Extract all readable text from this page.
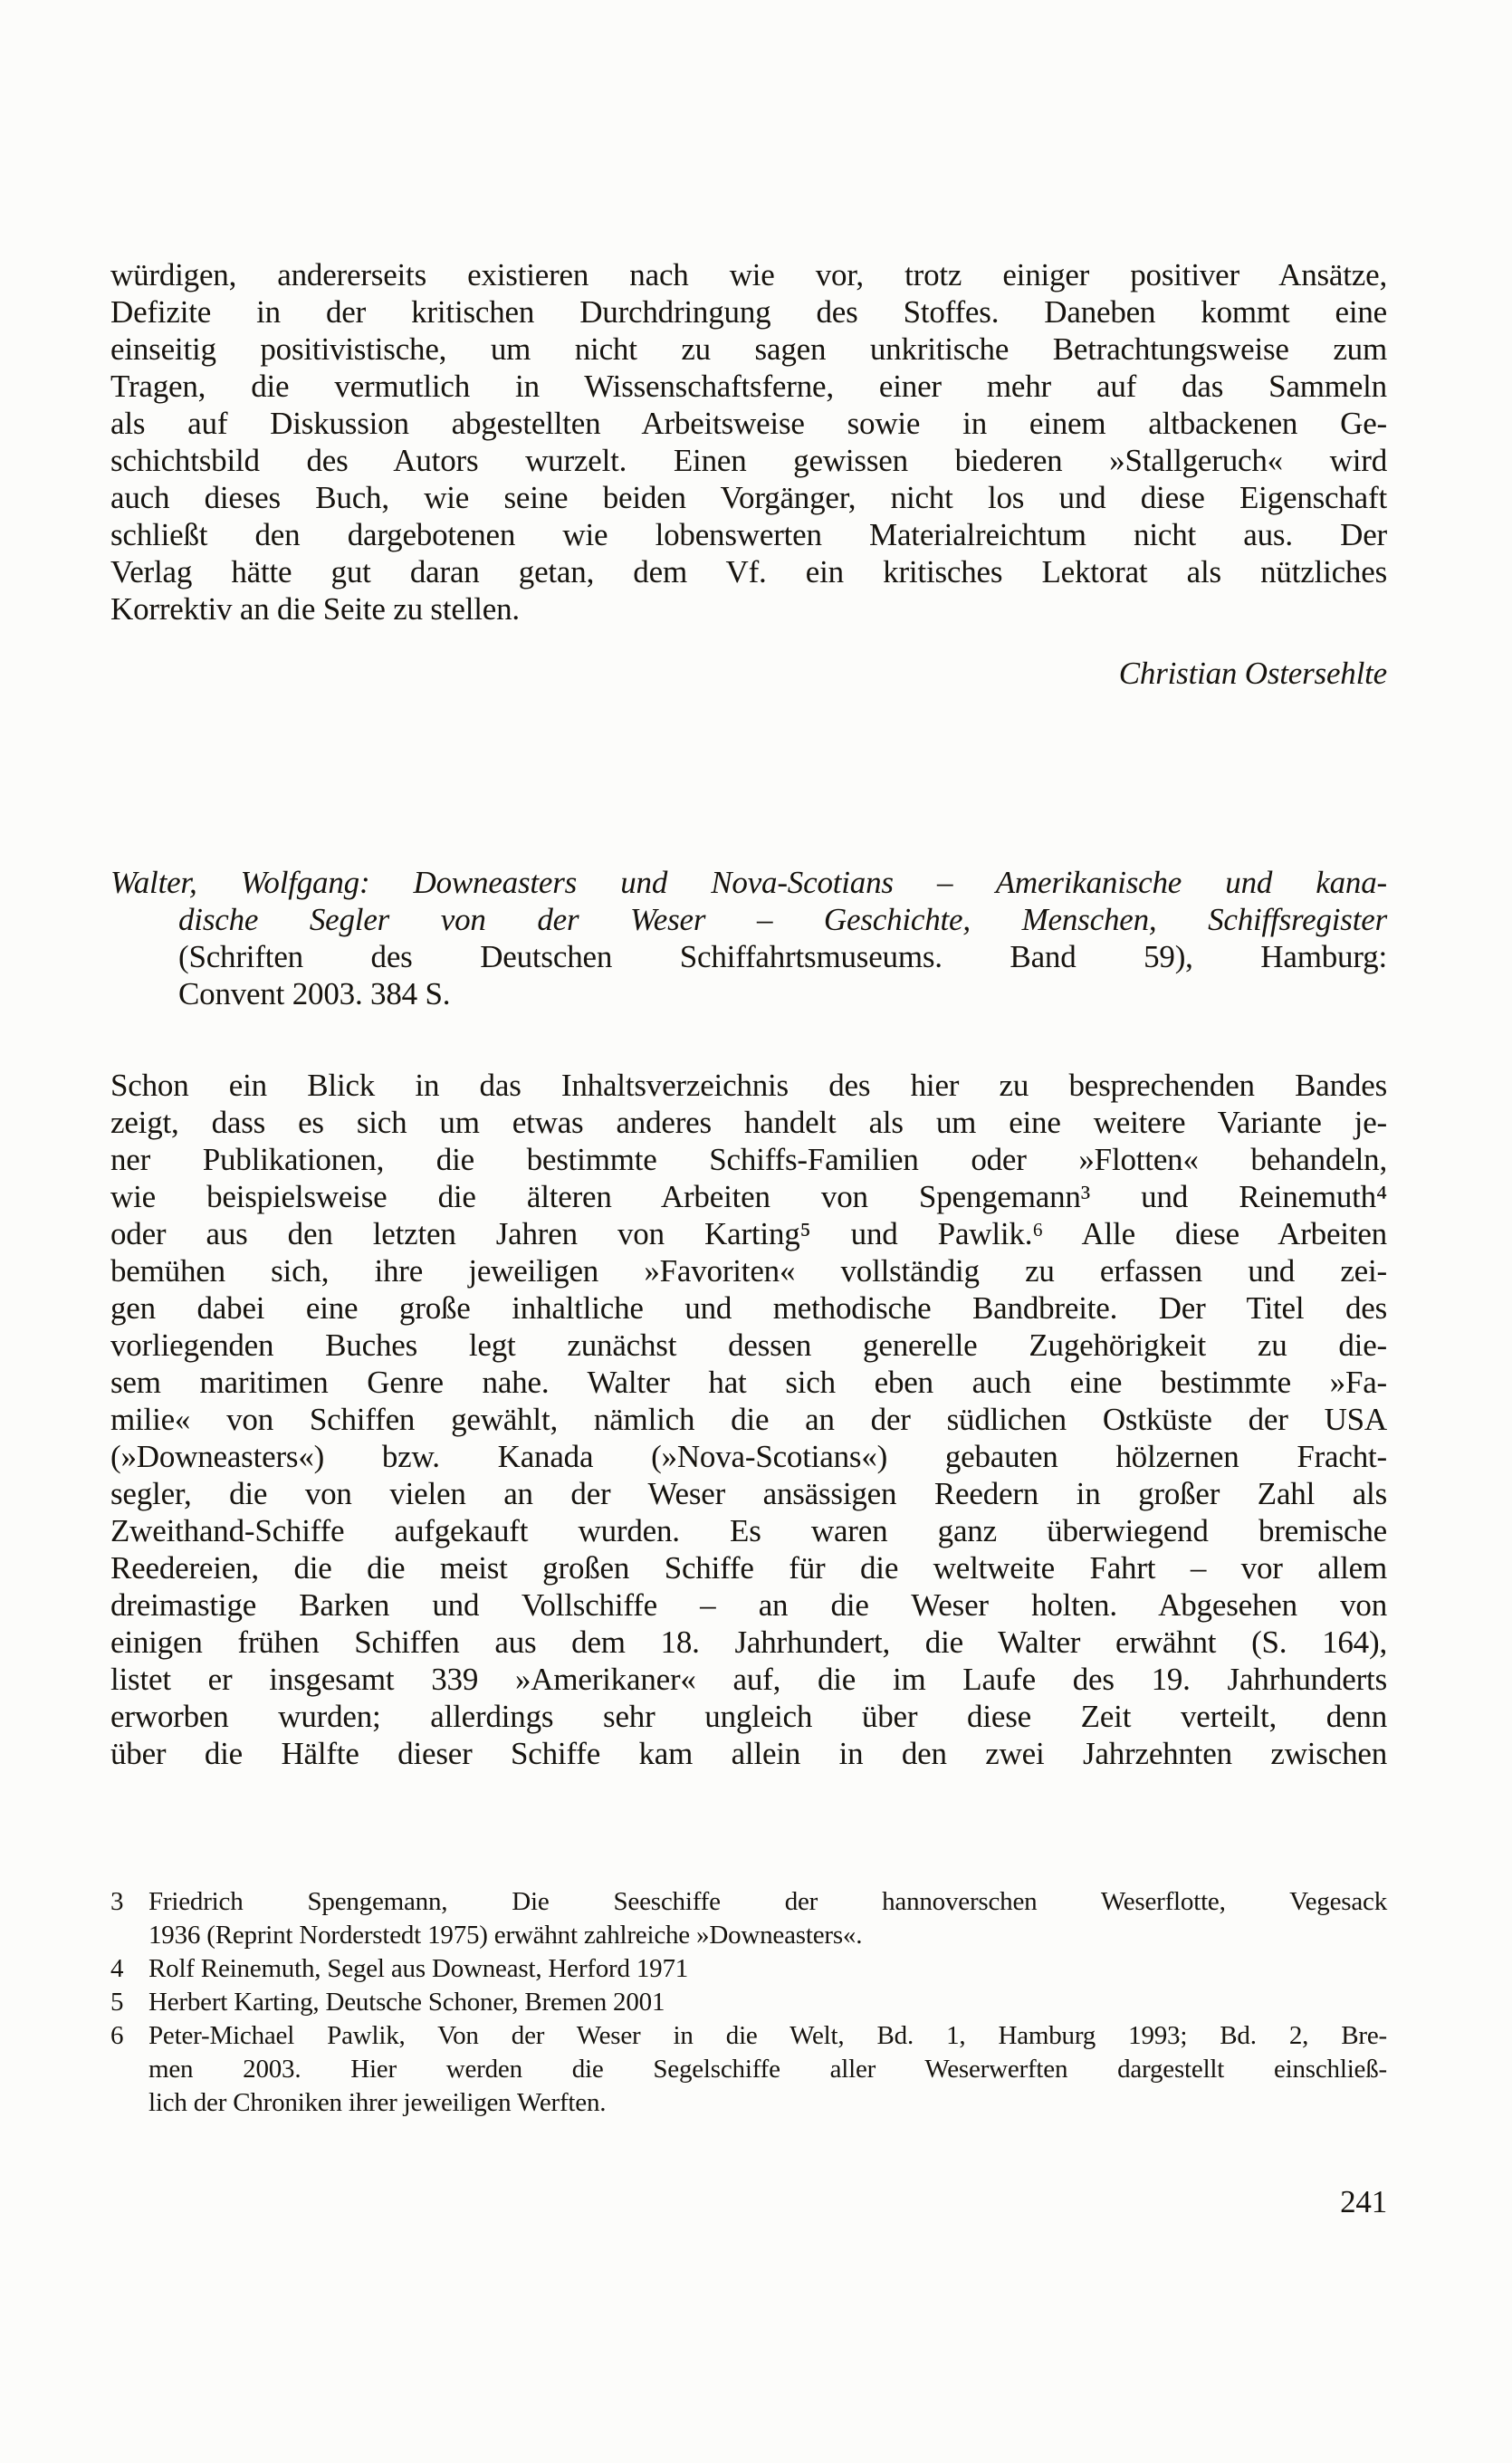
würdigen, andererseits existieren nach wie vor, trotz einiger positiver Ansätze,
Defizite in der kritischen Durchdringung des Stoffes. Daneben kommt eine
einseitig positivistische, um nicht zu sagen unkritische Betrachtungsweise zum
Tragen, die vermutlich in Wissenschaftsferne, einer mehr auf das Sammeln
als auf Diskussion abgestellten Arbeitsweise sowie in einem altbackenen Ge-
schichtsbild des Autors wurzelt. Einen gewissen biederen »Stallgeruch« wird
auch dieses Buch, wie seine beiden Vorgänger, nicht los und diese Eigenschaft
schließt den dargebotenen wie lobenswerten Materialreichtum nicht aus. Der
Verlag hätte gut daran getan, dem Vf. ein kritisches Lektorat als nützliches
Korrektiv an die Seite zu stellen.
Christian Ostersehlte
Walter, Wolfgang: Downeasters und Nova-Scotians – Amerikanische und kana-
dische Segler von der Weser – Geschichte, Menschen, Schiffsregister
(Schriften des Deutschen Schiffahrtsmuseums. Band 59), Hamburg:
Convent 2003. 384 S.
Schon ein Blick in das Inhaltsverzeichnis des hier zu besprechenden Bandes
zeigt, dass es sich um etwas anderes handelt als um eine weitere Variante je-
ner Publikationen, die bestimmte Schiffs-Familien oder »Flotten« behandeln,
wie beispielsweise die älteren Arbeiten von Spengemann³ und Reinemuth⁴
oder aus den letzten Jahren von Karting⁵ und Pawlik.⁶ Alle diese Arbeiten
bemühen sich, ihre jeweiligen »Favoriten« vollständig zu erfassen und zei-
gen dabei eine große inhaltliche und methodische Bandbreite. Der Titel des
vorliegenden Buches legt zunächst dessen generelle Zugehörigkeit zu die-
sem maritimen Genre nahe. Walter hat sich eben auch eine bestimmte »Fa-
milie« von Schiffen gewählt, nämlich die an der südlichen Ostküste der USA
(»Downeasters«) bzw. Kanada (»Nova-Scotians«) gebauten hölzernen Fracht-
segler, die von vielen an der Weser ansässigen Reedern in großer Zahl als
Zweithand-Schiffe aufgekauft wurden. Es waren ganz überwiegend bremische
Reedereien, die die meist großen Schiffe für die weltweite Fahrt – vor allem
dreimastige Barken und Vollschiffe – an die Weser holten. Abgesehen von
einigen frühen Schiffen aus dem 18. Jahrhundert, die Walter erwähnt (S. 164),
listet er insgesamt 339 »Amerikaner« auf, die im Laufe des 19. Jahrhunderts
erworben wurden; allerdings sehr ungleich über diese Zeit verteilt, denn
über die Hälfte dieser Schiffe kam allein in den zwei Jahrzehnten zwischen
3 Friedrich Spengemann, Die Seeschiffe der hannoverschen Weserflotte, Vegesack
1936 (Reprint Norderstedt 1975) erwähnt zahlreiche »Downeasters«.
4 Rolf Reinemuth, Segel aus Downeast, Herford 1971
5 Herbert Karting, Deutsche Schoner, Bremen 2001
6 Peter-Michael Pawlik, Von der Weser in die Welt, Bd. 1, Hamburg 1993; Bd. 2, Bre-
men 2003. Hier werden die Segelschiffe aller Weserwerften dargestellt einschließ-
lich der Chroniken ihrer jeweiligen Werften.
241
